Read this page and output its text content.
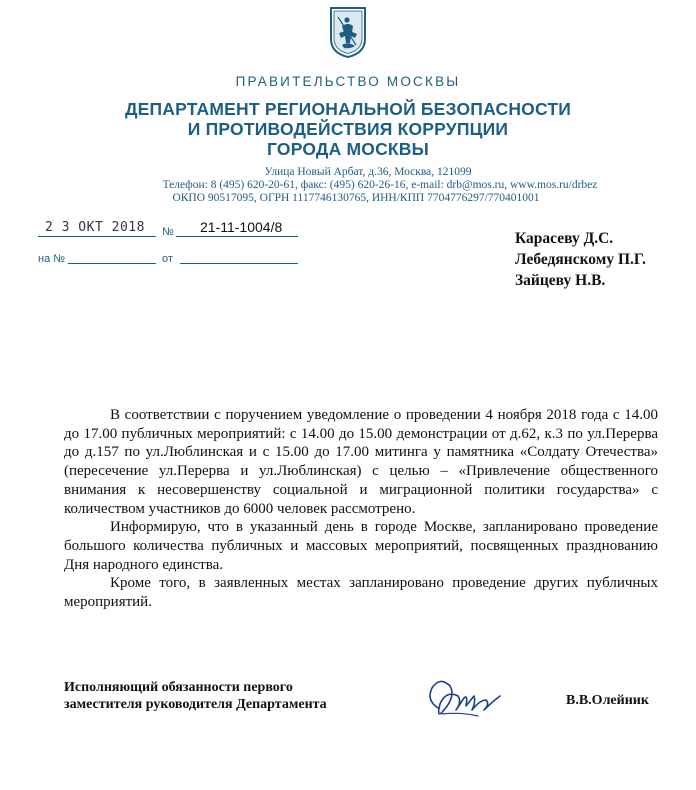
ПРАВИТЕЛЬСТВО МОСКВЫ
ДЕПАРТАМЕНТ РЕГИОНАЛЬНОЙ БЕЗОПАСНОСТИ
И ПРОТИВОДЕЙСТВИЯ КОРРУПЦИИ
ГОРОДА МОСКВЫ
Улица Новый Арбат, д.36, Москва, 121099
Телефон: 8 (495) 620-20-61, факс: (495) 620-26-16, e-mail: drb@mos.ru, www.mos.ru/drbez
ОКПО 90517095, ОГРН 1117746130765, ИНН/КПП 7704776297/770401001
2 3 ОКТ 2018 № 21-11-1004/8
на №	от
Карасеву Д.С.
Лебедянскому П.Г.
Зайцеву Н.В.

В соответствии с поручением уведомление о проведении 4 ноября 2018 года с 14.00 до 17.00 публичных мероприятий: с 14.00 до 15.00 демонстрации от д.62, к.3 по ул.Перерва до д.157 по ул.Люблинская и с 15.00 до 17.00 митинга у памятника «Солдату Отечества» (пересечение ул.Перерва и ул.Люблинская) с целью – «Привлечение общественного внимания к несовершенству социальной и миграционной политики государства» с количеством участников до 6000 человек рассмотрено.

Информирую, что в указанный день в городе Москве, запланировано проведение большого количества публичных и массовых мероприятий, посвященных празднованию Дня народного единства.

Кроме того, в заявленных местах запланировано проведение других публичных мероприятий.

Исполняющий обязанности первого
заместителя руководителя Департамента	В.В.Олейник
